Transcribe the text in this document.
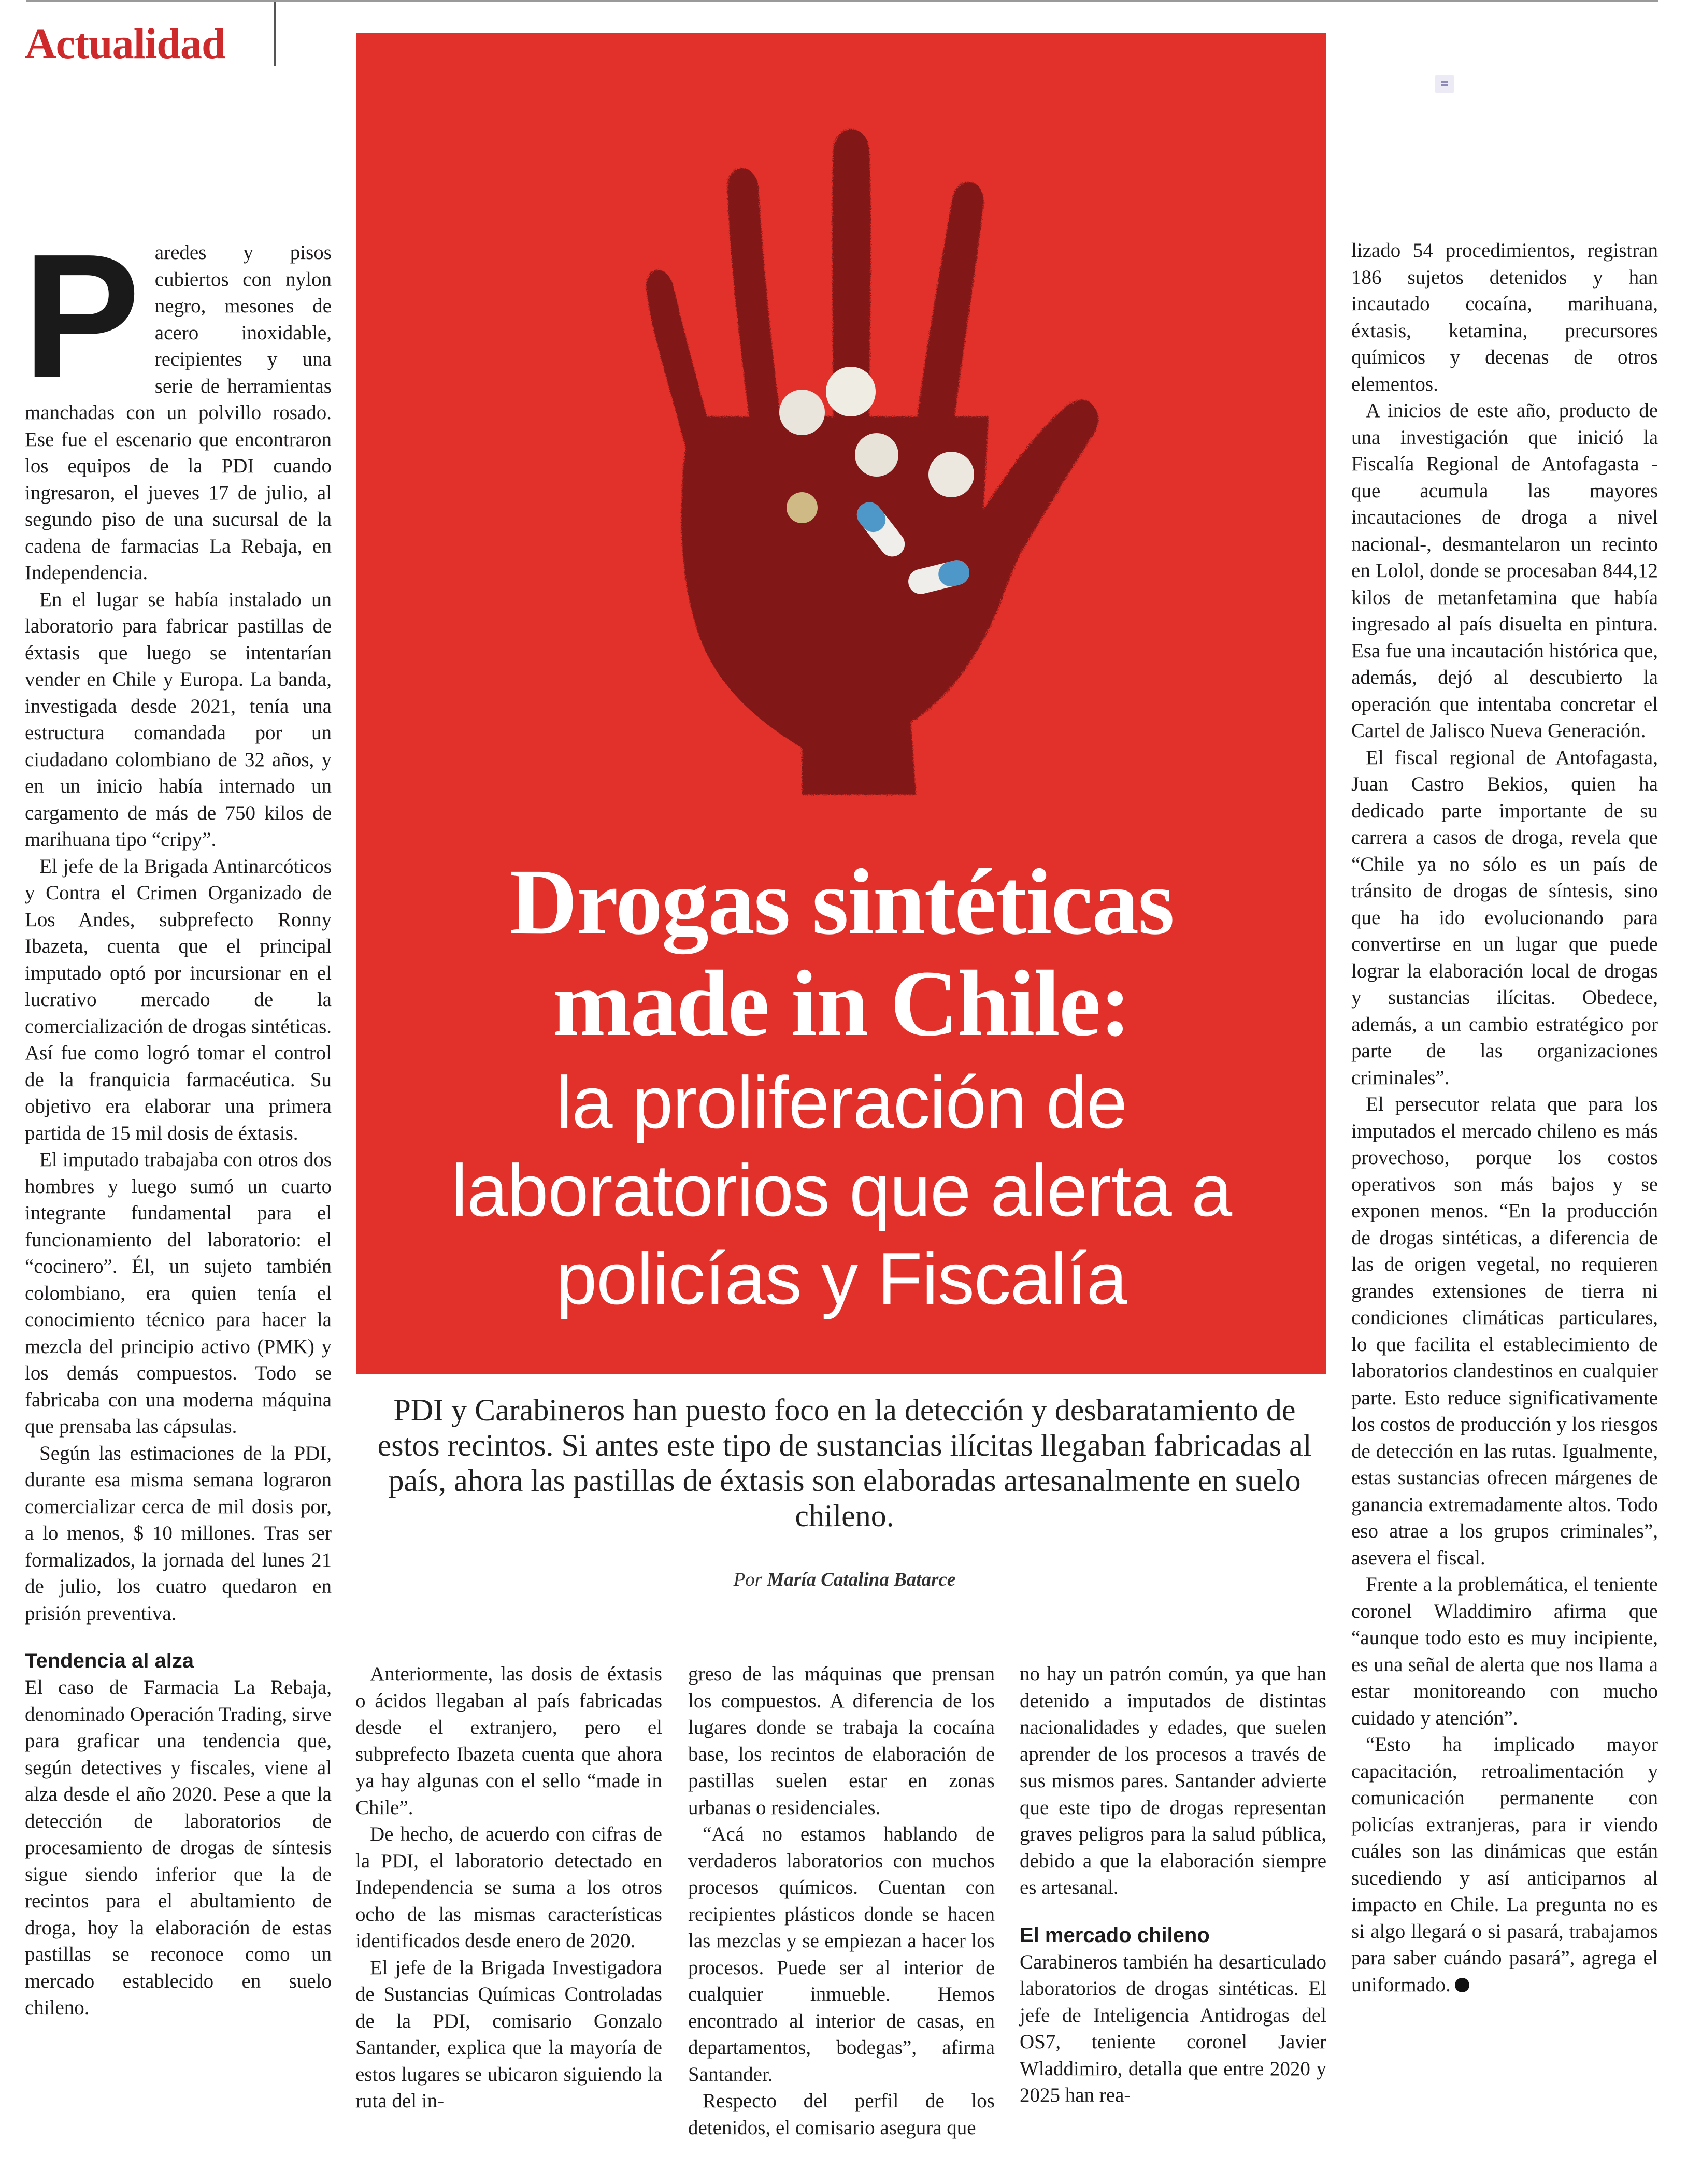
Actualidad
P aredes y pisos cubiertos con nylon negro, mesones de acero inoxidable, recipientes y una serie de herramientas manchadas con un polvillo rosado. Ese fue el escenario que encontraron los equipos de la PDI cuando ingresaron, el jueves 17 de julio, al segundo piso de una sucursal de la cadena de farmacias La Rebaja, en Independencia.

En el lugar se había instalado un laboratorio para fabricar pastillas de éxtasis que luego se intentarían vender en Chile y Europa. La banda, investigada desde 2021, tenía una estructura comandada por un ciudadano colombiano de 32 años, y en un inicio había internado un cargamento de más de 750 kilos de marihuana tipo “cripy”.

El jefe de la Brigada Antinarcóticos y Contra el Crimen Organizado de Los Andes, subprefecto Ronny Ibazeta, cuenta que el principal imputado optó por incursionar en el lucrativo mercado de la comercialización de drogas sintéticas. Así fue como logró tomar el control de la franquicia farmacéutica. Su objetivo era elaborar una primera partida de 15 mil dosis de éxtasis.

El imputado trabajaba con otros dos hombres y luego sumó un cuarto integrante fundamental para el funcionamiento del laboratorio: el “cocinero”. Él, un sujeto también colombiano, era quien tenía el conocimiento técnico para hacer la mezcla del principio activo (PMK) y los demás compuestos. Todo se fabricaba con una moderna máquina que prensaba las cápsulas.

Según las estimaciones de la PDI, durante esa misma semana lograron comercializar cerca de mil dosis por, a lo menos, $ 10 millones. Tras ser formalizados, la jornada del lunes 21 de julio, los cuatro quedaron en prisión preventiva.

Tendencia al alza

El caso de Farmacia La Rebaja, denominado Operación Trading, sirve para graficar una tendencia que, según detectives y fiscales, viene al alza desde el año 2020. Pese a que la detección de laboratorios de procesamiento de drogas de síntesis sigue siendo inferior que la de recintos para el abultamiento de droga, hoy la elaboración de estas pastillas se reconoce como un mercado establecido en suelo chileno.

Drogas sintéticas
made in Chile:
la proliferación de
laboratorios que alerta a
policías y Fiscalía
PDI y Carabineros han puesto foco en la detección y desbaratamiento de estos recintos. Si antes este tipo de sustancias ilícitas llegaban fabricadas al país, ahora las pastillas de éxtasis son elaboradas artesanalmente en suelo chileno.
Por María Catalina Batarce

Anteriormente, las dosis de éxtasis o ácidos llegaban al país fabricadas desde el extranjero, pero el subprefecto Ibazeta cuenta que ahora ya hay algunas con el sello “made in Chile”.

De hecho, de acuerdo con cifras de la PDI, el laboratorio detectado en Independencia se suma a los otros ocho de las mismas características identificados desde enero de 2020.

El jefe de la Brigada Investigadora de Sustancias Químicas Controladas de la PDI, comisario Gonzalo Santander, explica que la mayoría de estos lugares se ubicaron siguiendo la ruta del in-

greso de las máquinas que prensan los compuestos. A diferencia de los lugares donde se trabaja la cocaína base, los recintos de elaboración de pastillas suelen estar en zonas urbanas o residenciales.

“Acá no estamos hablando de verdaderos laboratorios con muchos procesos químicos. Cuentan con recipientes plásticos donde se hacen las mezclas y se empiezan a hacer los procesos. Puede ser al interior de cualquier inmueble. Hemos encontrado al interior de casas, en departamentos, bodegas”, afirma Santander.

Respecto del perfil de los detenidos, el comisario asegura que

no hay un patrón común, ya que han detenido a imputados de distintas nacionalidades y edades, que suelen aprender de los procesos a través de sus mismos pares. Santander advierte que este tipo de drogas representan graves peligros para la salud pública, debido a que la elaboración siempre es artesanal.

El mercado chileno

Carabineros también ha desarticulado laboratorios de drogas sintéticas. El jefe de Inteligencia Antidrogas del OS7, teniente coronel Javier Wladdimiro, detalla que entre 2020 y 2025 han rea-

lizado 54 procedimientos, registran 186 sujetos detenidos y han incautado cocaína, marihuana, éxtasis, ketamina, precursores químicos y decenas de otros elementos.

A inicios de este año, producto de una investigación que inició la Fiscalía Regional de Antofagasta -que acumula las mayores incautaciones de droga a nivel nacional-, desmantelaron un recinto en Lolol, donde se procesaban 844,12 kilos de metanfetamina que había ingresado al país disuelta en pintura. Esa fue una incautación histórica que, además, dejó al descubierto la operación que intentaba concretar el Cartel de Jalisco Nueva Generación.

El fiscal regional de Antofagasta, Juan Castro Bekios, quien ha dedicado parte importante de su carrera a casos de droga, revela que “Chile ya no sólo es un país de tránsito de drogas de síntesis, sino que ha ido evolucionando para convertirse en un lugar que puede lograr la elaboración local de drogas y sustancias ilícitas. Obedece, además, a un cambio estratégico por parte de las organizaciones criminales”.

El persecutor relata que para los imputados el mercado chileno es más provechoso, porque los costos operativos son más bajos y se exponen menos. “En la producción de drogas sintéticas, a diferencia de las de origen vegetal, no requieren grandes extensiones de tierra ni condiciones climáticas particulares, lo que facilita el establecimiento de laboratorios clandestinos en cualquier parte. Esto reduce significativamente los costos de producción y los riesgos de detección en las rutas. Igualmente, estas sustancias ofrecen márgenes de ganancia extremadamente altos. Todo eso atrae a los grupos criminales”, asevera el fiscal.

Frente a la problemática, el teniente coronel Wladdimiro afirma que “aunque todo esto es muy incipiente, es una señal de alerta que nos llama a estar monitoreando con mucho cuidado y atención”.

“Esto ha implicado mayor capacitación, retroalimentación y comunicación permanente con policías extranjeras, para ir viendo cuáles son las dinámicas que están sucediendo y así anticiparnos al impacto en Chile. La pregunta no es si algo llegará o si pasará, trabajamos para saber cuándo pasará”, agrega el uniformado.
